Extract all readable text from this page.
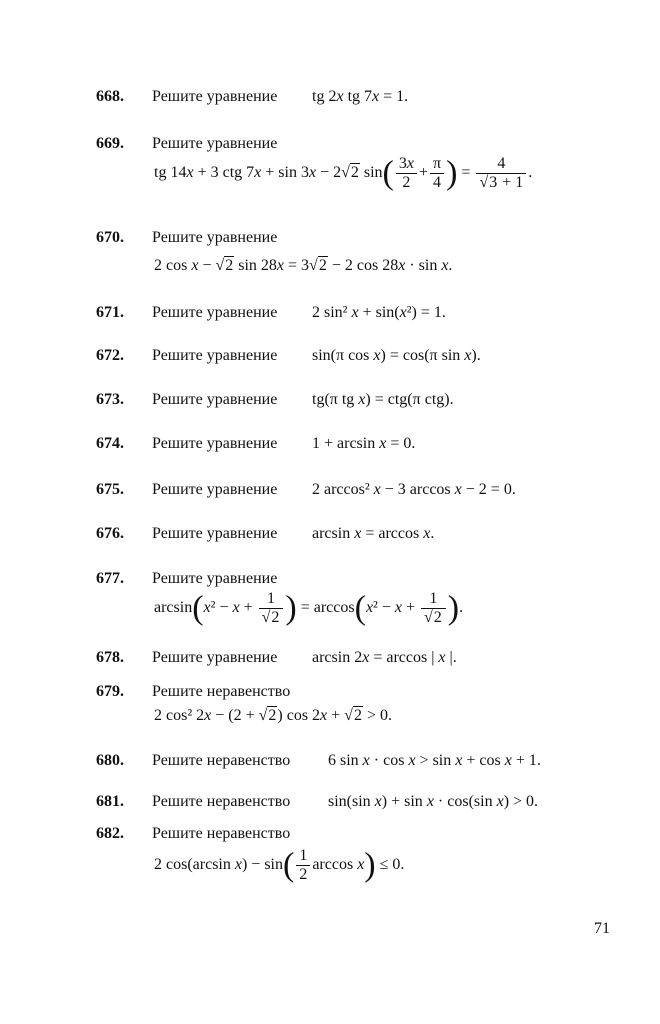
668. Решите уравнение tg 2x tg 7x = 1.
669. Решите уравнение
tg 14x + 3 ctg 7x + sin 3x − 2√2 $\sin( \frac{3x}{2} + \frac{\pi}{4}$ ) = $\frac{4}{√3 + 1}$ .
670. Решите уравнение
2 cos x − √2 sin 28x = 3√2 − 2 cos 28x · sin x.
671. Решите уравнение 2 sin² x + sin(x²) = 1.
672. Решите уравнение sin(π cos x) = cos(π sin x).
673. Решите уравнение tg(π tg x) = ctg(π ctg).
674. Решите уравнение 1 + arcsin x = 0.
675. Решите уравнение 2 arccos² x − 3 arccos x − 2 = 0.
676. Решите уравнение arcsin x = arccos x.
677. Решите уравнение
$\arcsin(x^2 - x + \frac{1}{√2}$ ) = $\arccos(x^2 - x + \frac{1}{√2}$ ).
678. Решите уравнение arcsin 2x = arccos | x |.
679. Решите неравенство
2 cos² 2x − (2 + √2) cos 2x + √2 > 0.
680. Решите неравенство 6 sin x · cos x > sin x + cos x + 1.
681. Решите неравенство sin(sin x) + sin x · cos(sin x) > 0.
682. Решите неравенство
2 cos(arcsin $x) - \sin( \frac{1}{2}$ arccos x) ≤ 0.
71
